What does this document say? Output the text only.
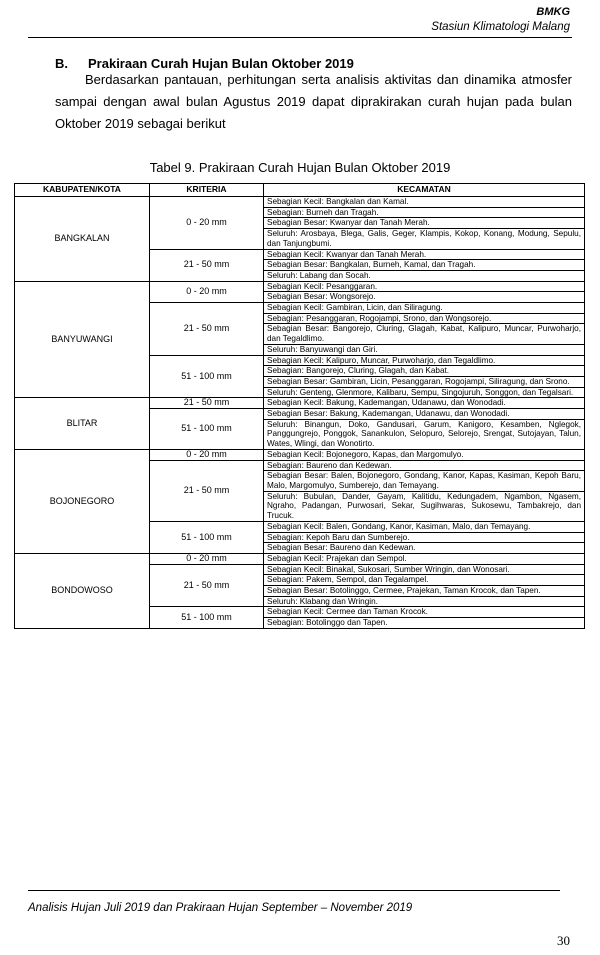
BMKG
Stasiun Klimatologi Malang
B. Prakiraan Curah Hujan Bulan Oktober 2019

Berdasarkan pantauan, perhitungan serta analisis aktivitas dan dinamika atmosfer sampai dengan awal bulan Agustus 2019 dapat diprakirakan curah hujan pada bulan Oktober 2019 sebagai berikut

Tabel 9. Prakiraan Curah Hujan Bulan Oktober 2019
KABUPATEN/KOTA	KRITERIA	KECAMATAN
BANGKALAN	0 - 20 mm	Sebagian Kecil: Bangkalan dan Kamal.
		Sebagian: Burneh dan Tragah.
		Sebagian Besar: Kwanyar dan Tanah Merah.
		Seluruh: Arosbaya, Blega, Galis, Geger, Klampis, Kokop, Konang, Modung, Sepulu, dan Tanjungbumi.
	21 - 50 mm	Sebagian Kecil: Kwanyar dan Tanah Merah.
		Sebagian Besar: Bangkalan, Burneh, Kamal, dan Tragah.
		Seluruh: Labang dan Socah.
BANYUWANGI	0 - 20 mm	Sebagian Kecil: Pesanggaran.
		Sebagian Besar: Wongsorejo.
	21 - 50 mm	Sebagian Kecil: Gambiran, Licin, dan Siliragung.
		Sebagian: Pesanggaran, Rogojampi, Srono, dan Wongsorejo.
		Sebagian Besar: Bangorejo, Cluring, Glagah, Kabat, Kalipuro, Muncar, Purwoharjo, dan Tegaldlimo.
		Seluruh: Banyuwangi dan Giri.
	51 - 100 mm	Sebagian Kecil: Kalipuro, Muncar, Purwoharjo, dan Tegaldlimo.
		Sebagian: Bangorejo, Cluring, Glagah, dan Kabat.
		Sebagian Besar: Gambiran, Licin, Pesanggaran, Rogojampi, Siliragung, dan Srono.
		Seluruh: Genteng, Glenmore, Kalibaru, Sempu, Singojuruh, Songgon, dan Tegalsari.
BLITAR	21 - 50 mm	Sebagian Kecil: Bakung, Kademangan, Udanawu, dan Wonodadi.
	51 - 100 mm	Sebagian Besar: Bakung, Kademangan, Udanawu, dan Wonodadi.
		Seluruh: Binangun, Doko, Gandusari, Garum, Kanigoro, Kesamben, Nglegok, Panggungrejo, Ponggok, Sanankulon, Selopuro, Selorejo, Srengat, Sutojayan, Talun, Wates, Wlingi, dan Wonotirto.
BOJONEGORO	0 - 20 mm	Sebagian Kecil: Bojonegoro, Kapas, dan Margomulyo.
	21 - 50 mm	Sebagian: Baureno dan Kedewan.
		Sebagian Besar: Balen, Bojonegoro, Gondang, Kanor, Kapas, Kasiman, Kepoh Baru, Malo, Margomulyo, Sumberejo, dan Temayang.
		Seluruh: Bubulan, Dander, Gayam, Kalitidu, Kedungadem, Ngambon, Ngasem, Ngraho, Padangan, Purwosari, Sekar, Sugihwaras, Sukosewu, Tambakrejo, dan Trucuk.
	51 - 100 mm	Sebagian Kecil: Balen, Gondang, Kanor, Kasiman, Malo, dan Temayang.
		Sebagian: Kepoh Baru dan Sumberejo.
		Sebagian Besar: Baureno dan Kedewan.
BONDOWOSO	0 - 20 mm	Sebagian Kecil: Prajekan dan Sempol.
	21 - 50 mm	Sebagian Kecil: Binakal, Sukosari, Sumber Wringin, dan Wonosari.
		Sebagian: Pakem, Sempol, dan Tegalampel.
		Sebagian Besar: Botolinggo, Cermee, Prajekan, Taman Krocok, dan Tapen.
		Seluruh: Klabang dan Wringin.
	51 - 100 mm	Sebagian Kecil: Cermee dan Taman Krocok.
		Sebagian: Botolinggo dan Tapen.
Analisis Hujan Juli 2019 dan Prakiraan Hujan September – November 2019
30
